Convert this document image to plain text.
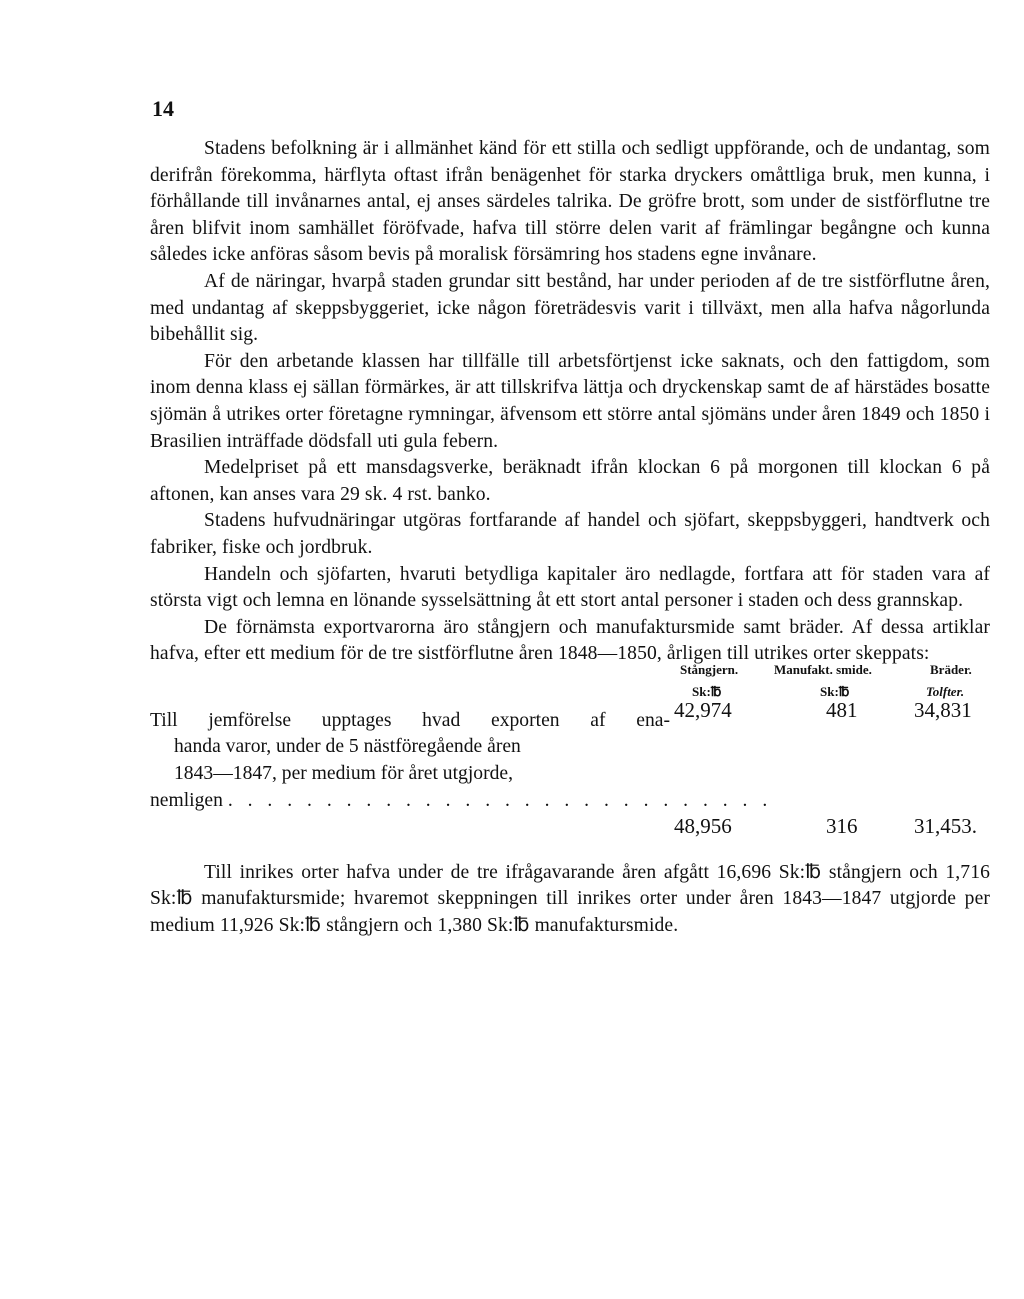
14

Stadens befolkning är i allmänhet känd för ett stilla och sedligt uppförande, och de undantag, som derifrån förekomma, härflyta oftast ifrån benägenhet för starka dryckers omåttliga bruk, men kunna, i förhållande till invånarnes antal, ej anses särdeles talrika. De gröfre brott, som under de sistförflutne tre åren blifvit inom samhället föröfvade, hafva till större delen varit af främlingar begångne och kunna således icke anföras såsom bevis på moralisk försämring hos stadens egne invånare.

Af de näringar, hvarpå staden grundar sitt bestånd, har under perioden af de tre sistförflutne åren, med undantag af skeppsbyggeriet, icke någon företrädesvis varit i tillväxt, men alla hafva någorlunda bibehållit sig.

För den arbetande klassen har tillfälle till arbetsförtjenst icke saknats, och den fattigdom, som inom denna klass ej sällan förmärkes, är att tillskrifva lättja och dryckenskap samt de af härstädes bosatte sjömän å utrikes orter företagne rymningar, äfvensom ett större antal sjömäns under åren 1849 och 1850 i Brasilien inträffade dödsfall uti gula febern.

Medelpriset på ett mansdagsverke, beräknadt ifrån klockan 6 på morgonen till klockan 6 på aftonen, kan anses vara 29 sk. 4 rst. banko.

Stadens hufvudnäringar utgöras fortfarande af handel och sjöfart, skeppsbyggeri, handtverk och fabriker, fiske och jordbruk.

Handeln och sjöfarten, hvaruti betydliga kapitaler äro nedlagde, fortfara att för staden vara af största vigt och lemna en lönande sysselsättning åt ett stort antal personer i staden och dess grannskap.

De förnämsta exportvarorna äro stångjern och manufaktursmide samt bräder. Af dessa artiklar hafva, efter ett medium för de tre sistförflutne åren 1848—1850, årligen till utrikes orter skeppats:

Stångjern.	Manufakt. smide.	Bräder.
Sk:℔	Sk:℔	Tolfter.
42,974	481	34,831
Till jemförelse upptages hvad exporten af ena-
handa varor, under de 5 nästföregående åren
1843—1847, per medium för året utgjorde,
nemligen . . . . . . . . . . . . . . . . . . . . . . . . . . . .
48,956	316	31,453.

Till inrikes orter hafva under de tre ifrågavarande åren afgått 16,696 Sk:℔ stångjern och 1,716 Sk:℔ manufaktursmide; hvaremot skeppningen till inrikes orter under åren 1843—1847 utgjorde per medium 11,926 Sk:℔ stångjern och 1,380 Sk:℔ manufaktursmide.
